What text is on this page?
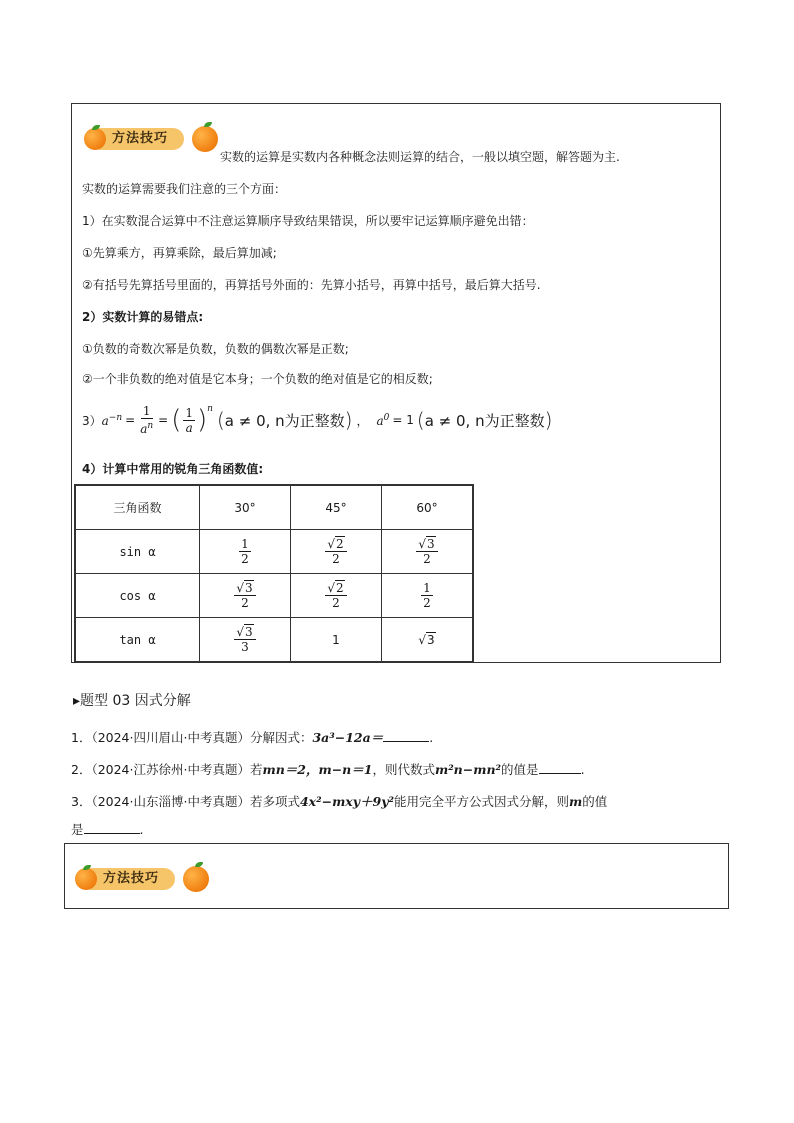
方法技巧
实数的运算是实数内各种概念法则运算的结合，一般以填空题，解答题为主.
实数的运算需要我们注意的三个方面：
1）在实数混合运算中不注意运算顺序导致结果错误，所以要牢记运算顺序避免出错：
①先算乘方，再算乘除，最后算加减;
②有括号先算括号里面的，再算括号外面的：先算小括号，再算中括号，最后算大括号.
2）实数计算的易错点:
①负数的奇数次幂是负数，负数的偶数次幂是正数;
②一个非负数的绝对值是它本身；一个负数的绝对值是它的相反数;
3） $a^{-n} = \frac{1}{a^n}$ = ( $\frac{1}{a} )^n$ ( a ≠ 0, n为正整数 ) ， $a^0 = 1$ ( a ≠ 0, n为正整数 )
4）计算中常用的锐角三角函数值:
三角函数	30°	45°	60°
sin α	$\frac{1}{2}$	$\frac{√2}{2}$	$\frac{√3}{2}$

cos α	$\frac{√3}{2}$	$\frac{√2}{2}$	$\frac{1}{2}$

tan α	$\frac{√3}{3}$	1	√3
▸题型 03 因式分解
1．（2024·四川眉山·中考真题）分解因式：3a³−12a＝	.
2．（2024·江苏徐州·中考真题）若mn＝2，m−n＝1，则代数式m²n−mn²的值是	.
3．（2024·山东淄博·中考真题）若多项式4x²−mxy＋9y²能用完全平方公式因式分解，则m的值
是	.
方法技巧
